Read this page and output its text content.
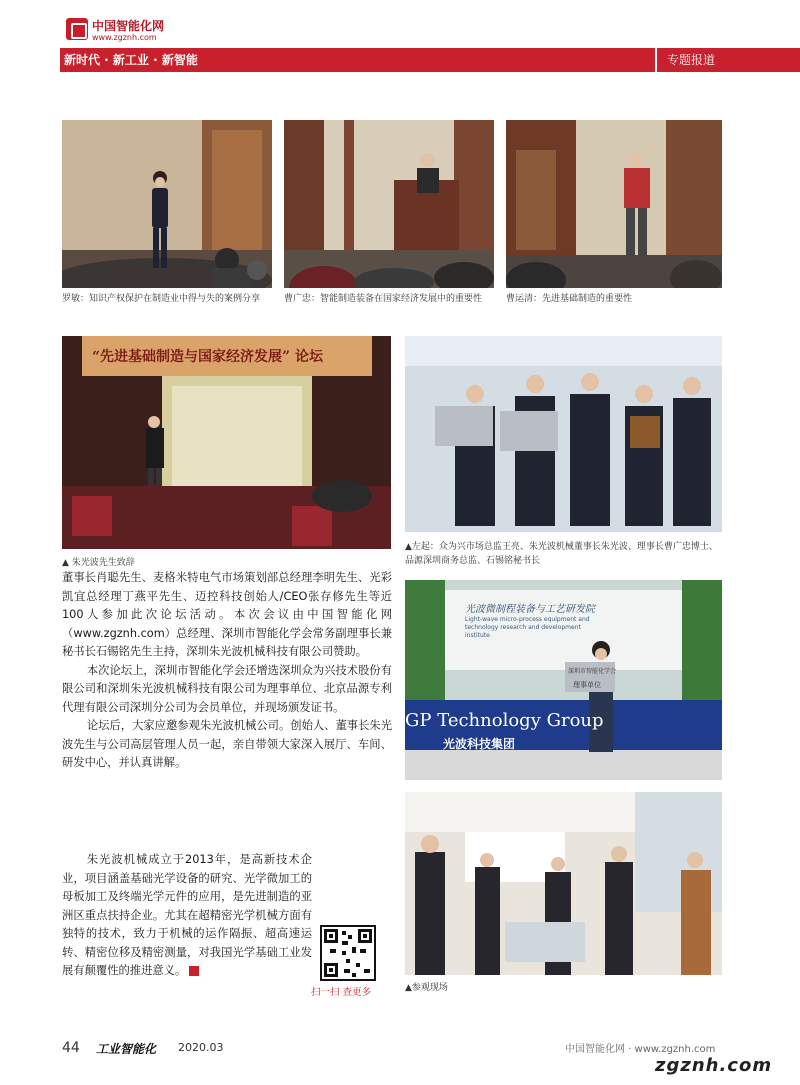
中国智能化网
www.zgznh.com
新时代 · 新工业 · 新智能	专题报道
罗敏：知识产权保护在制造业中得与失的案例分享	曹广忠：智能制造装备在国家经济发展中的重要性	曹运清：先进基础制造的重要性
“先进基础制造与国家经济发展” 论坛
▲ 朱光波先生致辞
▲左起：众为兴市场总监王亮、朱光波机械董事长朱光波、理事长曹广忠博士、品源深圳商务总监、石锡铭秘书长
光波微制程装备与工艺研发院
Light-wave micro-process equipment and technology research and development institute
深圳市智能化学会
理事单位
GP Technology Group
光波科技集团
▲参观现场

董事长肖聪先生、麦格米特电气市场策划部总经理李明先生、光彩凯宜总经理丁燕平先生、迈控科技创始人/CEO张存修先生等近100人参加此次论坛活动。本次会议由中国智能化网（www.zgznh.com）总经理、深圳市智能化学会常务副理事长兼秘书长石锡铭先生主持，深圳朱光波机械科技有限公司赞助。

本次论坛上，深圳市智能化学会还增选深圳众为兴技术股份有限公司和深圳朱光波机械科技有限公司为理事单位、北京品源专利代理有限公司深圳分公司为会员单位，并现场颁发证书。

论坛后，大家应邀参观朱光波机械公司。创始人、董事长朱光波先生与公司高层管理人员一起，亲自带领大家深入展厅、车间、研发中心，并认真讲解。

朱光波机械成立于2013年，是高新技术企业，项目涵盖基础光学设备的研究、光学微加工的母板加工及终端光学元件的应用，是先进制造的亚洲区重点扶持企业。尤其在超精密光学机械方面有独特的技术，致力于机械的运作隔振、超高速运转、精密位移及精密测量，对我国光学基础工业发展有颠覆性的推进意义。

扫一扫 查更多
44 工业智能化 2020.03	中国智能化网 · www.zgznh.com
zgznh.com
